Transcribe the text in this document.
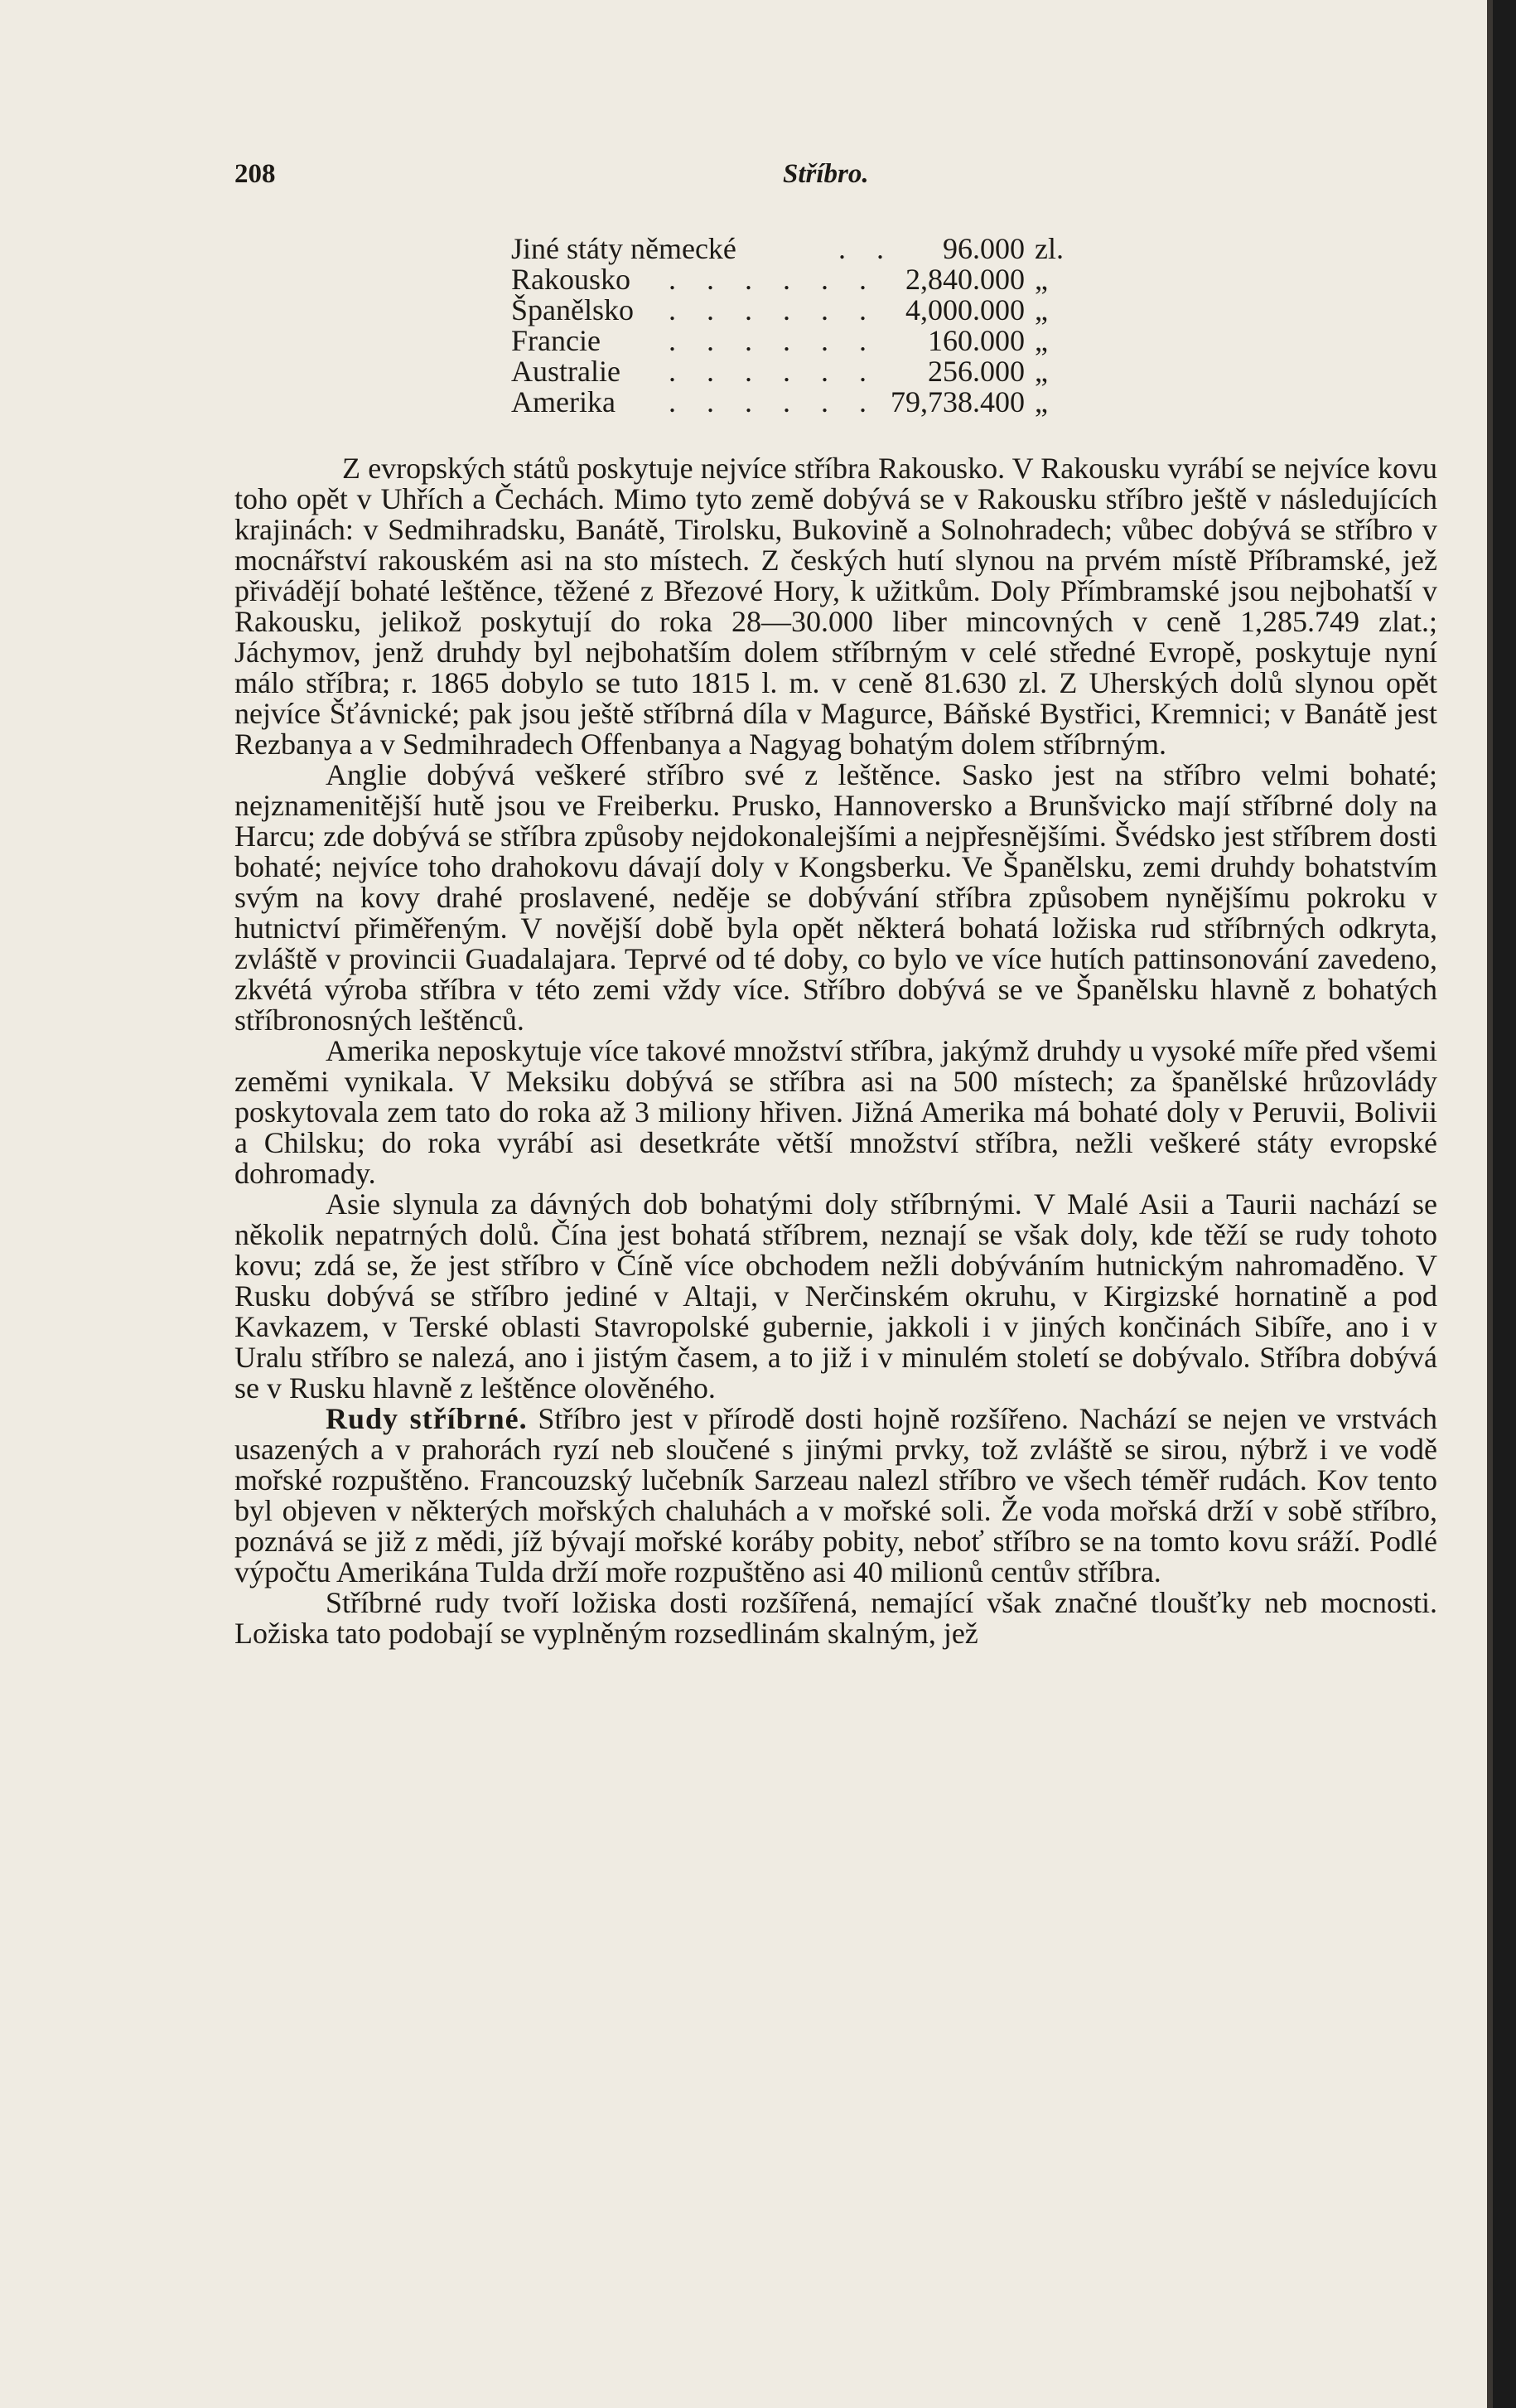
208	Stříbro.
Jiné státy německé	. . 96.000 zl.
Rakousko . . . . . . 2,840.000 „
Španělsko . . . . . . 4,000.000 „
Francie . . . . . . 160.000 „
Australie . . . . . . 256.000 „
Amerika . . . . . . 79,738.400 „

Z evropských států poskytuje nejvíce stříbra Rakousko. V Rakousku vyrábí se nejvíce kovu toho opět v Uhřích a Čechách. Mimo tyto země dobývá se v Rakousku stříbro ještě v následujících krajinách: v Sedmihradsku, Banátě, Tirolsku, Bukovině a Solnohradech; vůbec dobývá se stříbro v mocnářství rakouském asi na sto místech. Z českých hutí slynou na prvém místě Příbramské, jež přivádějí bohaté leštěnce, těžené z Březové Hory, k užitkům. Doly Přímbramské jsou nejbohatší v Rakousku, jelikož poskytují do roka 28—30.000 liber mincovných v ceně 1,285.749 zlat.; Jáchymov, jenž druhdy byl nejbohatším dolem stříbrným v celé středné Evropě, poskytuje nyní málo stříbra; r. 1865 dobylo se tuto 1815 l. m. v ceně 81.630 zl. Z Uherských dolů slynou opět nejvíce Šťávnické; pak jsou ještě stříbrná díla v Magurce, Báňské Bystřici, Kremnici; v Banátě jest Rezbanya a v Sedmihradech Offenbanya a Nagyag bohatým dolem stříbrným.

Anglie dobývá veškeré stříbro své z leštěnce. Sasko jest na stříbro velmi bohaté; nejznamenitější hutě jsou ve Freiberku. Prusko, Hannoversko a Brunšvicko mají stříbrné doly na Harcu; zde dobývá se stříbra způsoby nejdokonalejšími a nejpřesnějšími. Švédsko jest stříbrem dosti bohaté; nejvíce toho drahokovu dávají doly v Kongsberku. Ve Španělsku, zemi druhdy bohatstvím svým na kovy drahé proslavené, neděje se dobývání stříbra způsobem nynějšímu pokroku v hutnictví přiměřeným. V novější době byla opět některá bohatá ložiska rud stříbrných odkryta, zvláště v provincii Guadalajara. Teprvé od té doby, co bylo ve více hutích pattinsonování zavedeno, zkvétá výroba stříbra v této zemi vždy více. Stříbro dobývá se ve Španělsku hlavně z bohatých stříbronosných leštěnců.

Amerika neposkytuje více takové množství stříbra, jakýmž druhdy u vysoké míře před všemi zeměmi vynikala. V Meksiku dobývá se stříbra asi na 500 místech; za španělské hrůzovlády poskytovala zem tato do roka až 3 miliony hřiven. Jižná Amerika má bohaté doly v Peruvii, Bolivii a Chilsku; do roka vyrábí asi desetkráte větší množství stříbra, nežli veškeré státy evropské dohromady.

Asie slynula za dávných dob bohatými doly stříbrnými. V Malé Asii a Taurii nachází se několik nepatrných dolů. Čína jest bohatá stříbrem, neznají se však doly, kde těží se rudy tohoto kovu; zdá se, že jest stříbro v Číně více obchodem nežli dobýváním hutnickým nahromaděno. V Rusku dobývá se stříbro jediné v Altaji, v Nerčinském okruhu, v Kirgizské hornatině a pod Kavkazem, v Terské oblasti Stavropolské gubernie, jakkoli i v jiných končinách Sibíře, ano i v Uralu stříbro se nalezá, ano i jistým časem, a to již i v minulém století se dobývalo. Stříbra dobývá se v Rusku hlavně z leštěnce olověného.

Rudy stříbrné. Stříbro jest v přírodě dosti hojně rozšířeno. Nachází se nejen ve vrstvách usazených a v prahorách ryzí neb sloučené s jinými prvky, tož zvláště se sirou, nýbrž i ve vodě mořské rozpuštěno. Francouzský lučebník Sarzeau nalezl stříbro ve všech téměř rudách. Kov tento byl objeven v některých mořských chaluhách a v mořské soli. Že voda mořská drží v sobě stříbro, poznává se již z mědi, jíž bývají mořské koráby pobity, neboť stříbro se na tomto kovu sráží. Podlé výpočtu Amerikána Tulda drží moře rozpuštěno asi 40 milionů centův stříbra.

Stříbrné rudy tvoří ložiska dosti rozšířená, nemající však značné tloušťky neb mocnosti. Ložiska tato podobají se vyplněným rozsedlinám skalným, jež
